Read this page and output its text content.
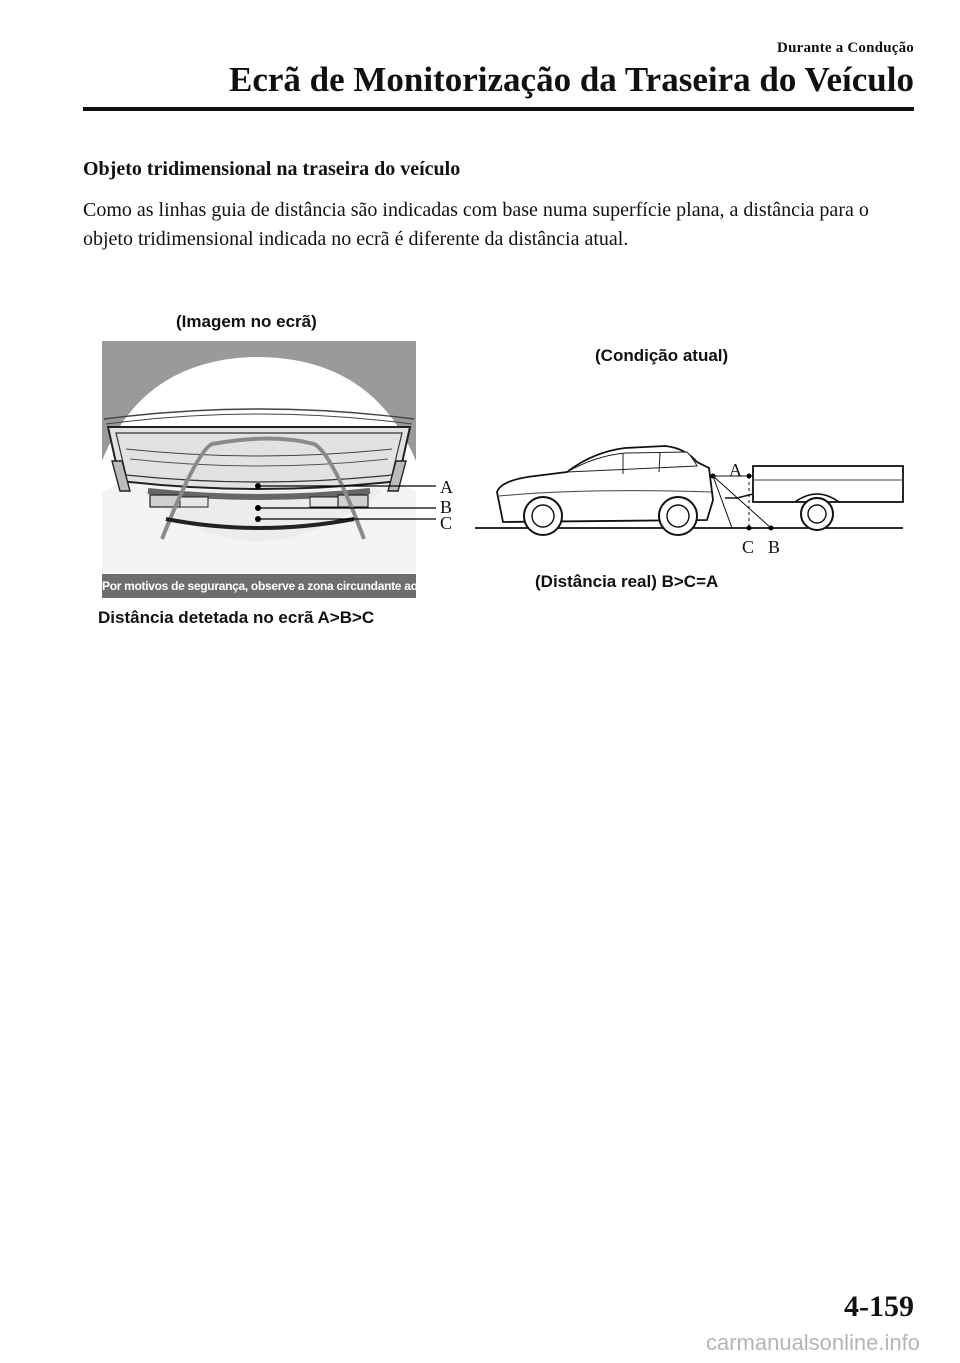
Durante a Condução
Ecrã de Monitorização da Traseira do Veículo
Objeto tridimensional na traseira do veículo

Como as linhas guia de distância são indicadas com base numa superfície plana, a distância para o objeto tridimensional indicada no ecrã é diferente da distância atual.

(Imagem no ecrã)
(Condição atual)
A
B
C
Por motivos de segurança, observe a zona circundante ao veículo
A
C B
(Distância real) B>C=A
Distância detetada no ecrã A>B>C
4-159
carmanualsonline.info
